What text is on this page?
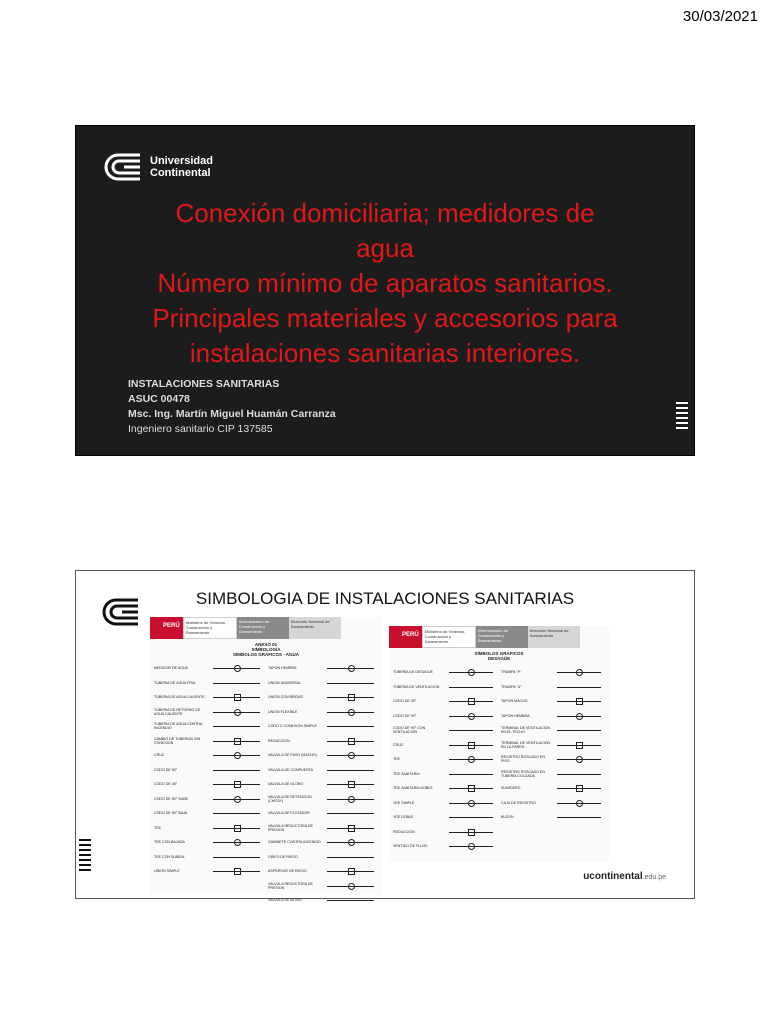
30/03/2021
Universidad
Continental
Conexión domiciliaria; medidores de
agua
Número mínimo de aparatos sanitarios.
Principales materiales y accesorios para
instalaciones sanitarias interiores.
INSTALACIONES SANITARIAS
ASUC 00478
Msc. Ing. Martín Miguel Huamán Carranza
Ingeniero sanitario CIP 137585
SIMBOLOGIA DE INSTALACIONES SANITARIAS
PERÚ
Ministerio de Vivienda, Construcción y Saneamiento
Viceministerio de Construcción y Saneamiento
Dirección Nacional de Saneamiento
ANEXO 01
SIMBOLOGÍA
SÍMBOLOS GRÁFICOS - AGUA
MEDIDOR DE AGUA
TUBERIA DE AGUA FRIA
TUBERIA DE AGUA CALIENTE
TUBERIA DE RETORNO DE AGUA CALIENTE
TUBERIA DE AGUA CONTRA INCENDIO
CAMBIO DE TUBERIAS SIN CONEXION
CRUZ
CODO DE 90°
CODO DE 45°
CODO DE 90° SUBE
CODO DE 90° BAJA
TEE
TEE CON BAJADA
TEE CON SUBIDA
UNION SIMPLE
TAPON HEMBRA
UNION UNIVERSAL
UNION CON BRIDAS
UNION FLEXIBLE
CODO O CONEXION SIMPLE
REDUCCION
VALVULA DE PASO (MACHO)
VALVULA DE COMPUERTA
VALVULA DE GLOBO
VALVULA DE RETENCION (CHECK)
VALVULA DE FLOTADOR
VALVULA REDUCTORA DE PRESION
GABINETE CONTRA INCENDIO
GRIFO DE RIEGO
ASPERSOR DE RIEGO
VALVULA REDUCTORA DE PRESION
VALVULA DE ALIVIO
PERÚ
Ministerio de Vivienda, Construcción y Saneamiento
Viceministerio de Construcción y Saneamiento
Dirección Nacional de Saneamiento
SÍMBOLOS GRÁFICOS
DESAGÜE
TUBERIA DE DESAGUE
TUBERIA DE VENTILACION
CODO DE 45°
CODO DE 90°
CODO DE 90° CON VENTILACION
CRUZ
TEE
TEE SANITARIA
TEE SANITARIA DOBLE
YEE SIMPLE
YEE DOBLE
REDUCCION
SENTIDO DE FLUJO
TRAMPA "P"
TRAMPA "U"
TAPON MACHO
TAPON HEMBRA
TERMINAL DE VENTILACION EN EL TECHO
TERMINAL DE VENTILACION EN LA PARED
REGISTRO ROSCADO EN PISO
REGISTRO ROSCADO EN TUBERIA COLGADA
SUMIDERO
CAJA DE REGISTRO
BUZON
ucontinental.edu.pe
